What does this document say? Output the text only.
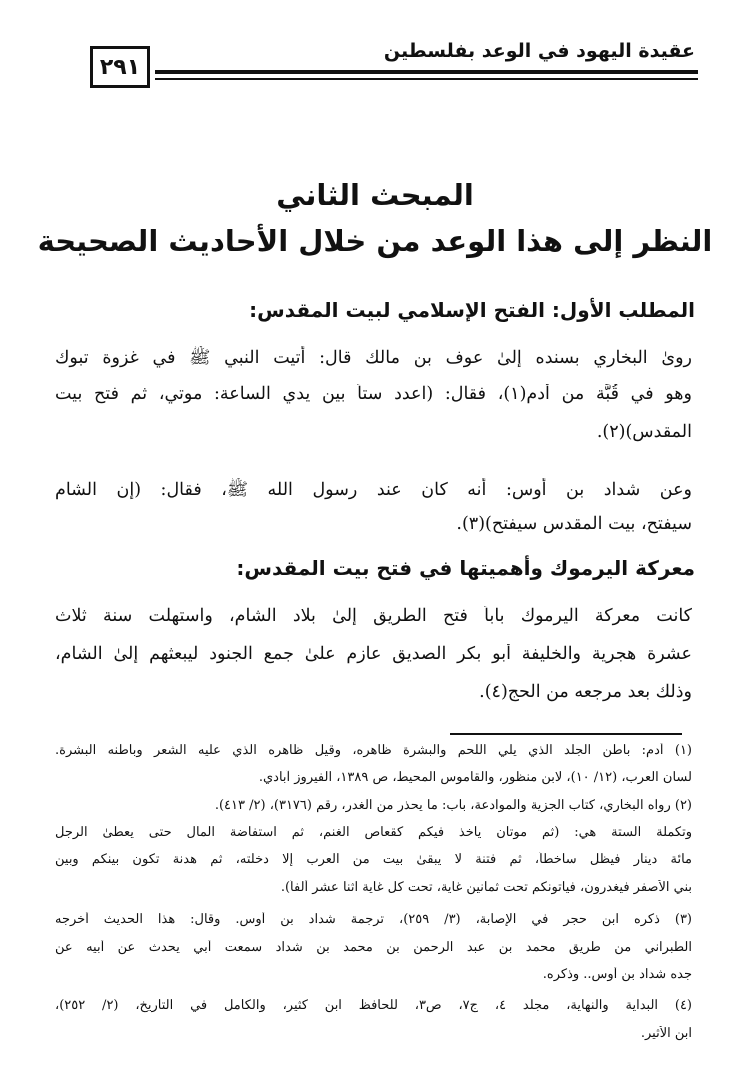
عقيدة اليهود في الوعد بفلسطين
٢٩١
المبحث الثاني
النظر إلى هذا الوعد من خلال الأحاديث الصحيحة
المطلب الأول: الفتح الإسلامي لبيت المقدس:
رویٰ البخاري بسنده إلىٰ عوف بن مالك قال: أتيت النبي ﷺ في غزوة تبوك
وهو في قُبَّة من أدم(١)، فقال: (اعدد ستاً بين يدي الساعة: موتي، ثم فتح بيت
المقدس)(٢).
وعن شداد بن أوس: أنه كان عند رسول الله ﷺ، فقال: (إن الشام
سيفتح، بيت المقدس سيفتح)(٣).
معركة اليرموك وأهميتها في فتح بيت المقدس:
كانت معركة اليرموك باباً فتح الطريق إلىٰ بلاد الشام، واستهلت سنة ثلاث
عشرة هجرية والخليفة أبو بكر الصديق عازم علىٰ جمع الجنود ليبعثهم إلىٰ الشام،
وذلك بعد مرجعه من الحج(٤).
(١) أدم: باطن الجلد الذي يلي اللحم والبشرة ظاهره، وقيل ظاهره الذي عليه الشعر وباطنه البشرة.
لسان العرب، (١٢/ ١٠)، لابن منظور، والقاموس المحيط، ص ١٣٨٩، الفيروز آبادي.
(٢) رواه البخاري، كتاب الجزية والموادعة، باب: ما يحذر من الغدر، رقم (٣١٧٦)، (٢/ ٤١٣).
وتكملة الستة هي: (ثم موتان يأخذ فيكم كقعاص الغنم، ثم استفاضة المال حتى يعطىٰ الرجل
مائة دينار فيظل ساخطاً، ثم فتنة لا يبقىٰ بيت من العرب إلا دخلته، ثم هدنة تكون بينكم وبين
بني الأصفر فيغدرون، فيأتونكم تحت ثمانين غاية، تحت كل غاية اثنا عشر ألفاً).
(٣) ذكره ابن حجر في الإصابة، (٣/ ٢٥٩)، ترجمة شداد بن أوس. وقال: هذا الحديث أخرجه
الطبراني من طريق محمد بن عبد الرحمن بن محمد بن شداد سمعت أبي يحدث عن أبيه عن
جده شداد بن أوس.. وذكره.
(٤) البداية والنهاية، مجلد ٤، ج٧، ص٣، للحافظ ابن كثير، والكامل في التاريخ، (٢/ ٢٥٢)،
ابن الأثير.
